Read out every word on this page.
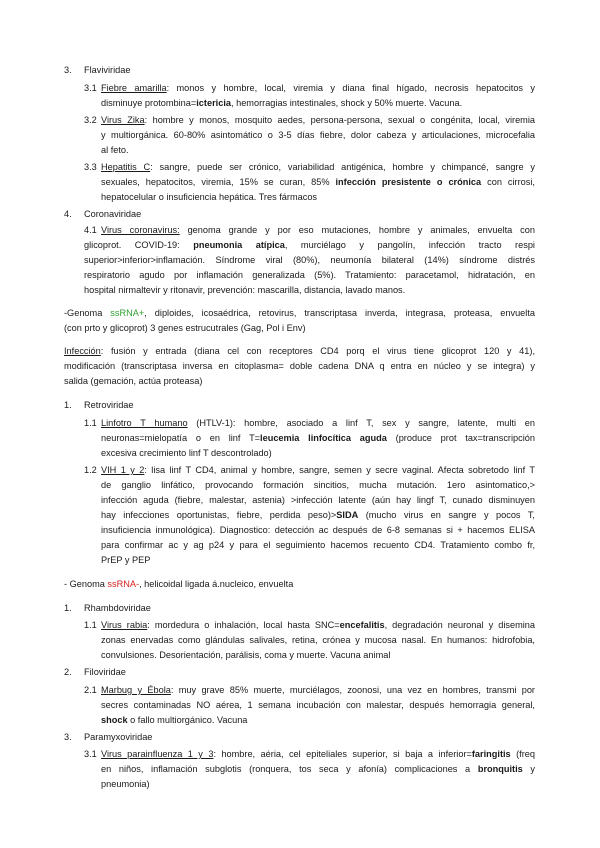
3. Flaviviridae
3.1 Fiebre amarilla: monos y hombre, local, viremia y diana final hígado, necrosis hepatocitos y
disminuye protombina=ictericia, hemorragias intestinales, shock y 50% muerte. Vacuna.
3.2 Virus Zika: hombre y monos, mosquito aedes, persona-persona, sexual o congénita, local, viremia
y multiorgánica. 60-80% asintomático o 3-5 días fiebre, dolor cabeza y articulaciones, microcefalia
al feto.
3.3 Hepatitis C: sangre, puede ser crónico, variabilidad antigénica, hombre y chimpancé, sangre y
sexuales, hepatocitos, viremia, 15% se curan, 85% infección presistente o crónica con cirrosi,
hepatocelular o insuficiencia hepática. Tres fármacos
4. Coronaviridae
4.1 Virus coronavirus: genoma grande y por eso mutaciones, hombre y animales, envuelta con
glicoprot. COVID-19: pneumonia atípica, murciélago y pangolín, infección tracto respi
superior>inferior>inflamación. Síndrome viral (80%), neumonía bilateral (14%) síndrome distrés
respiratorio agudo por inflamación generalizada (5%). Tratamiento: paracetamol, hidratación, en
hospital nirmaltevir y ritonavir, prevención: mascarilla, distancia, lavado manos.
-Genoma ssRNA+, diploides, icosaédrica, retovirus, transcriptasa inverda, integrasa, proteasa, envuelta
(con prto y glicoprot) 3 genes estrucutrales (Gag, Pol i Env)
Infección: fusión y entrada (diana cel con receptores CD4 porq el virus tiene glicoprot 120 y 41),
modificación (transcriptasa inversa en citoplasma= doble cadena DNA q entra en núcleo y se integra) y
salida (gemación, actúa proteasa)
1. Retroviridae
1.1 Linfotro T humano (HTLV-1): hombre, asociado a linf T, sex y sangre, latente, multi en
neuronas=mielopatía o en linf T=leucemia linfocítica aguda (produce prot tax=transcripción
excesiva crecimiento linf T descontrolado)
1.2 VIH 1 y 2: lisa linf T CD4, animal y hombre, sangre, semen y secre vaginal. Afecta sobretodo linf T
de ganglio linfático, provocando formación sincitios, mucha mutación. 1ero asintomatico,>
infección aguda (fiebre, malestar, astenia) >infección latente (aún hay lingf T, cunado disminuyen
hay infecciones oportunistas, fiebre, perdida peso)>SIDA (mucho virus en sangre y pocos T,
insuficiencia inmunológica). Diagnostico: detección ac después de 6-8 semanas si + hacemos ELISA
para confirmar ac y ag p24 y para el seguimiento hacemos recuento CD4. Tratamiento combo fr,
PrEP y PEP
- Genoma ssRNA-, helicoidal ligada á.nucleico, envuelta
1. Rhambdoviridae
1.1 Virus rabia: mordedura o inhalación, local hasta SNC=encefalitis, degradación neuronal y disemina
zonas enervadas como glándulas salivales, retina, crónea y mucosa nasal. En humanos: hidrofobia,
convulsiones. Desorientación, parálisis, coma y muerte. Vacuna animal
2. Filoviridae
2.1 Marbug y Ébola: muy grave 85% muerte, murciélagos, zoonosi, una vez en hombres, transmi por
secres contaminadas NO aérea, 1 semana incubación con malestar, después hemorragia general,
shock o fallo multiorgánico. Vacuna
3. Paramyxoviridae
3.1 Virus parainfluenza 1 y 3: hombre, aéria, cel epiteliales superior, si baja a inferior=faringitis (freq
en niños, inflamación subglotis (ronquera, tos seca y afonía) complicaciones a bronquitis y
pneumonia)
